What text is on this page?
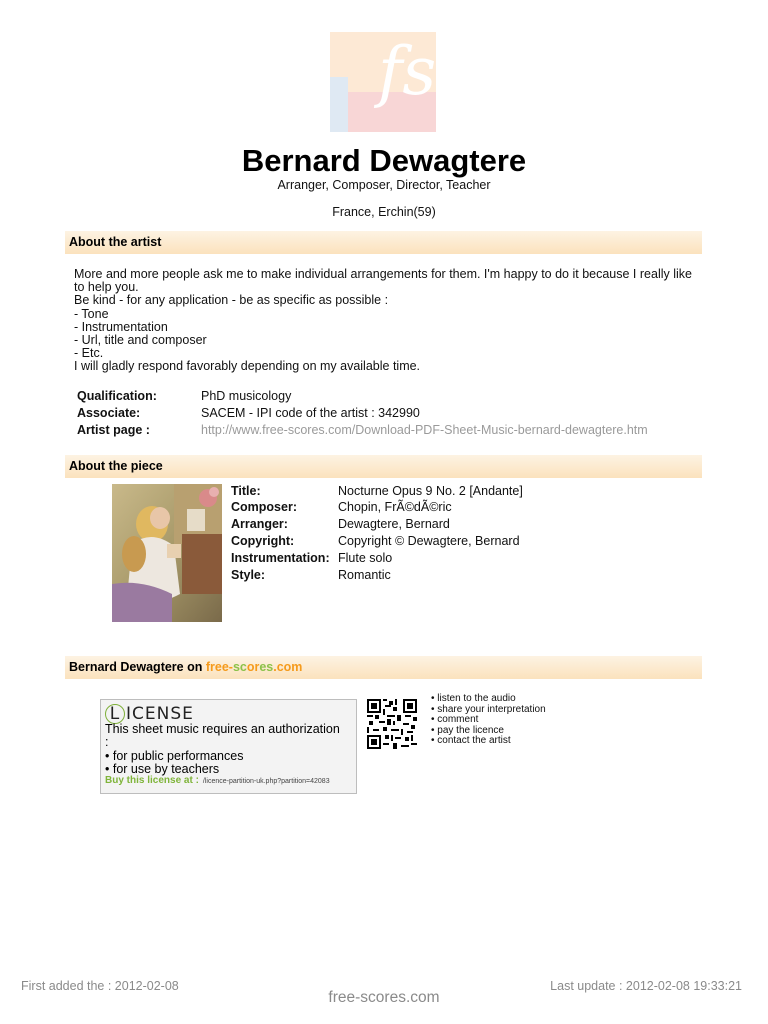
fs
Bernard Dewagtere
Arranger, Composer, Director, Teacher
France, Erchin(59)
About the artist
More and more people ask me to make individual arrangements for them. I'm happy to do it because I really like to help you.
Be kind - for any application - be as specific as possible :
- Tone
- Instrumentation
- Url, title and composer
- Etc.
I will gladly respond favorably depending on my available time.
Qualification:	PhD musicology
Associate:	SACEM - IPI code of the artist : 342990
Artist page :	http://www.free-scores.com/Download-PDF-Sheet-Music-bernard-dewagtere.htm
About the piece
Title:	Nocturne Opus 9 No. 2 [Andante]
Composer:	Chopin, FrÃ©dÃ©ric
Arranger:	Dewagtere, Bernard
Copyright:	Copyright © Dewagtere, Bernard
Instrumentation: Flute solo
Style:	Romantic
Bernard Dewagtere on free-scores.com
L ICENSE
This sheet music requires an authorization
:
• for public performances
• for use by teachers
Buy this license at : /licence-partition-uk.php?partition=42083
• listen to the audio
• share your interpretation
• comment
• pay the licence
• contact the artist
First added the : 2012-02-08	Last update : 2012-02-08 19:33:21
free-scores.com
